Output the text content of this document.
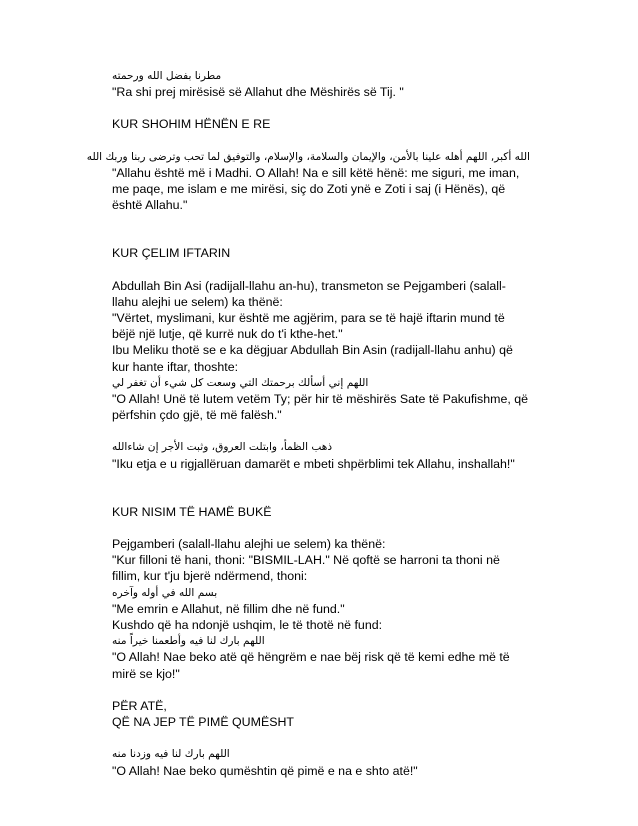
مطرنا بفضل الله ورحمته

"Ra shi prej mirësisë së Allahut dhe Mëshirës së Tij. "

KUR SHOHIM HËNËN E RE

الله أكبر, اللهم أهله علينا بالأمن، والإيمان والسلامة، والإسلام، والتوفيق لما تحب وترضى ربنا وربك الله

"Allahu është më i Madhi. O Allah! Na e sill këtë hënë: me siguri, me iman, me paqe, me islam e me mirësi, siç do Zoti ynë e Zoti i saj (i Hënës), që është Allahu."

KUR ÇELIM IFTARIN

Abdullah Bin Asi (radijall-llahu an-hu), transmeton se Pejgamberi (salall-llahu alejhi ue selem) ka thënë:

"Vërtet, myslimani, kur është me agjërim, para se të hajë iftarin mund të bëjë një lutje, që kurrë nuk do t'i kthe-het."

Ibu Meliku thotë se e ka dëgjuar Abdullah Bin Asin (radijall-llahu anhu) që kur hante iftar, thoshte:

اللهم إني أسألك برحمتك التي وسعت كل شيء أن تغفر لي

"O Allah! Unë të lutem vetëm Ty; për hir të mëshirës Sate të Pakufishme, që përfshin çdo gjë, të më falësh."

ذهب الظمأ، وابتلت العروق، وثبت الأجر إن شاءالله

"Iku etja e u rigjallëruan damarët e mbeti shpërblimi tek Allahu, inshallah!"

KUR NISIM TË HAMË BUKË

Pejgamberi (salall-llahu alejhi ue selem) ka thënë:

"Kur filloni të hani, thoni: "BISMIL-LAH." Në qoftë se harroni ta thoni në fillim, kur t'ju bjerë ndërmend, thoni:

بسم الله في أوله وآخره

"Me emrin e Allahut, në fillim dhe në fund."

Kushdo që ha ndonjë ushqim, le të thotë në fund:

اللهم بارك لنا فيه وأطعمنا خيراً منه

"O Allah! Nae beko atë që hëngrëm e nae bëj risk që të kemi edhe më të mirë se kjo!"

PËR ATË,

QË NA JEP TË PIMË QUMËSHT

اللهم بارك لنا فيه وزدنا منه

"O Allah! Nae beko qumështin që pimë e na e shto atë!"
